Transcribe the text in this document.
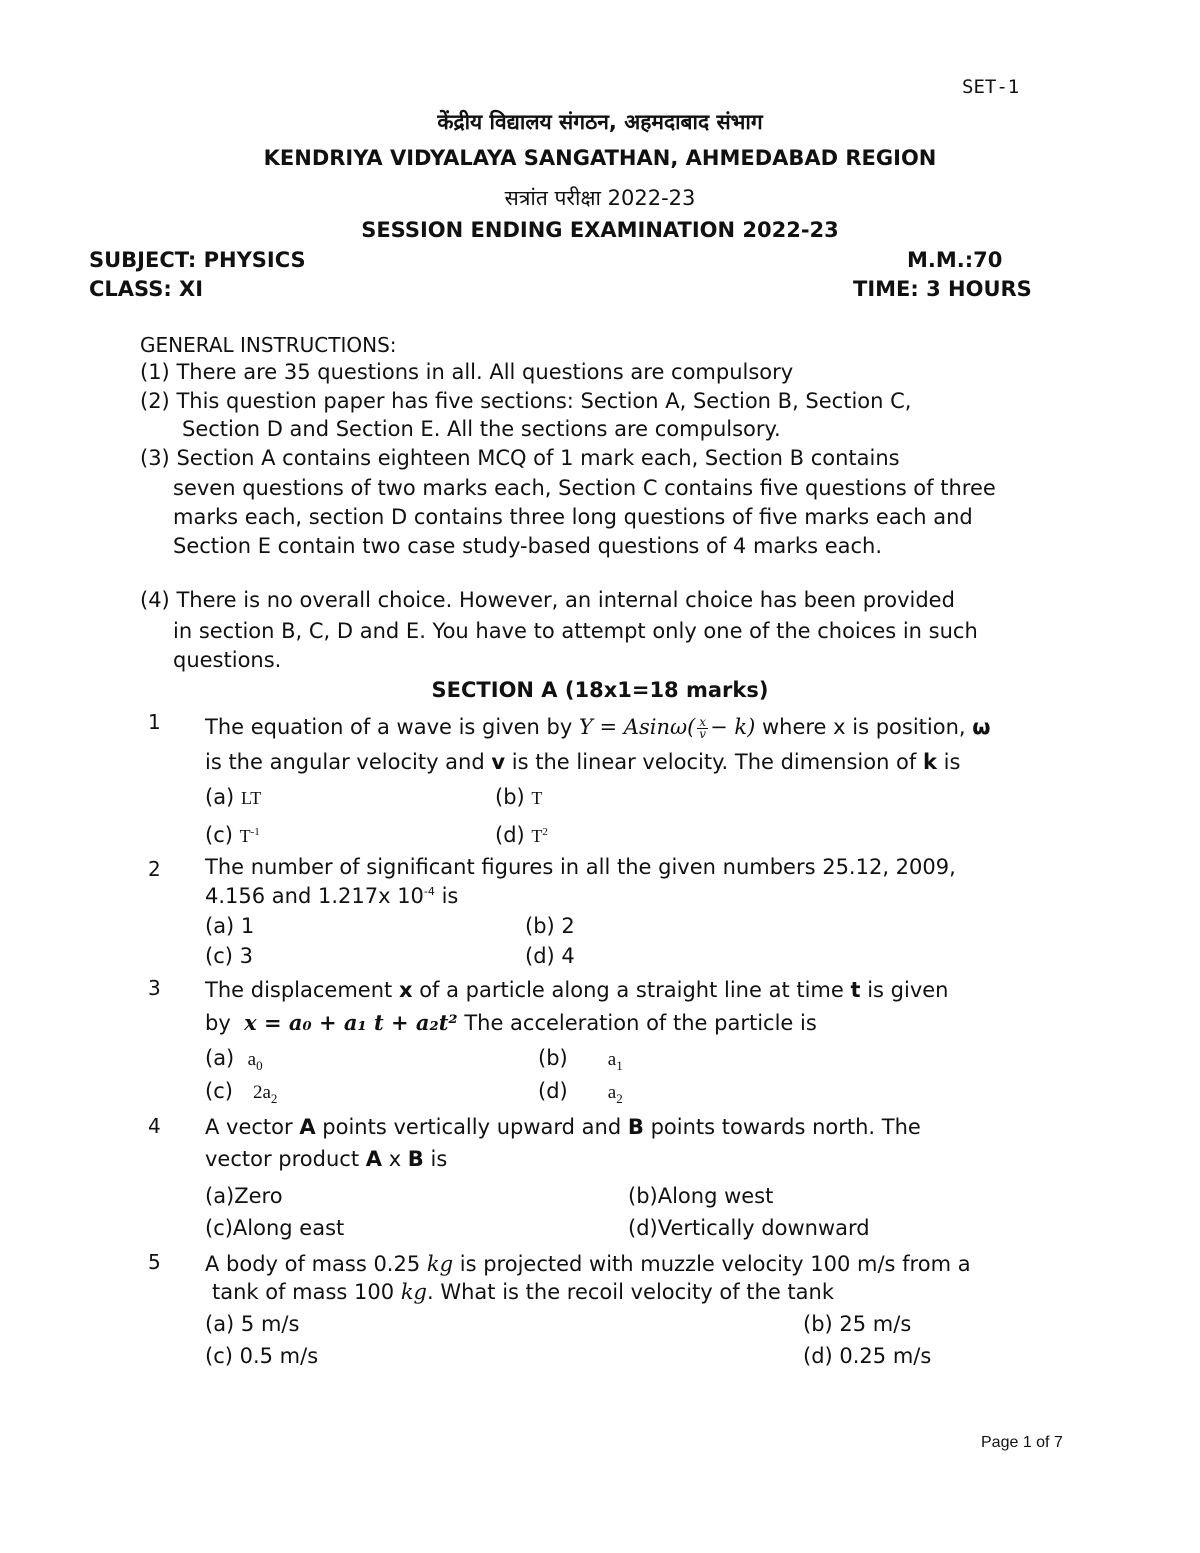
SET-1
केंद्रीय विद्यालय संगठन, अहमदाबाद संभाग
KENDRIYA VIDYALAYA SANGATHAN, AHMEDABAD REGION
सत्रांत परीक्षा 2022-23
SESSION ENDING EXAMINATION 2022-23
SUBJECT: PHYSICS	M.M.:70
CLASS: XI	TIME: 3 HOURS
GENERAL INSTRUCTIONS:
(1) There are 35 questions in all. All questions are compulsory
(2) This question paper has five sections: Section A, Section B, Section C,
Section D and Section E. All the sections are compulsory.
(3) Section A contains eighteen MCQ of 1 mark each, Section B contains
seven questions of two marks each, Section C contains five questions of three marks each, section D contains three long questions of five marks each and Section E contain two case study-based questions of 4 marks each.
(4) There is no overall choice. However, an internal choice has been provided
in section B, C, D and E. You have to attempt only one of the choices in such questions.
SECTION A (18x1=18 marks)
1 The equation of a wave is given by $Y = Asin\omega( \frac{x}{v} - k)$ where x is position, ω
is the angular velocity and v is the linear velocity. The dimension of k is
(a) LT	(b) T
(c) $T^{-1}$	(d) $T^2$
2 The number of significant figures in all the given numbers 25.12, 2009,
4.156 and 1.217x $10^{-4}$ is
(a) 1	(b) 2
(c) 3	(d) 4
3 The displacement x of a particle along a straight line at time t is given
by x = a₀ + a₁ t + a₂t² The acceleration of the particle is
(a) $a_0$	(b) $a_1$
(c) $2a_2$	(d) $a_2$
4 A vector A points vertically upward and B points towards north. The
vector product A x B is
(a)Zero	(b)Along west
(c)Along east	(d)Vertically downward
5 A body of mass 0.25 kg is projected with muzzle velocity 100 m/s from a
tank of mass 100 kg. What is the recoil velocity of the tank
(a) 5 m/s	(b) 25 m/s
(c) 0.5 m/s	(d) 0.25 m/s
Page 1 of 7
